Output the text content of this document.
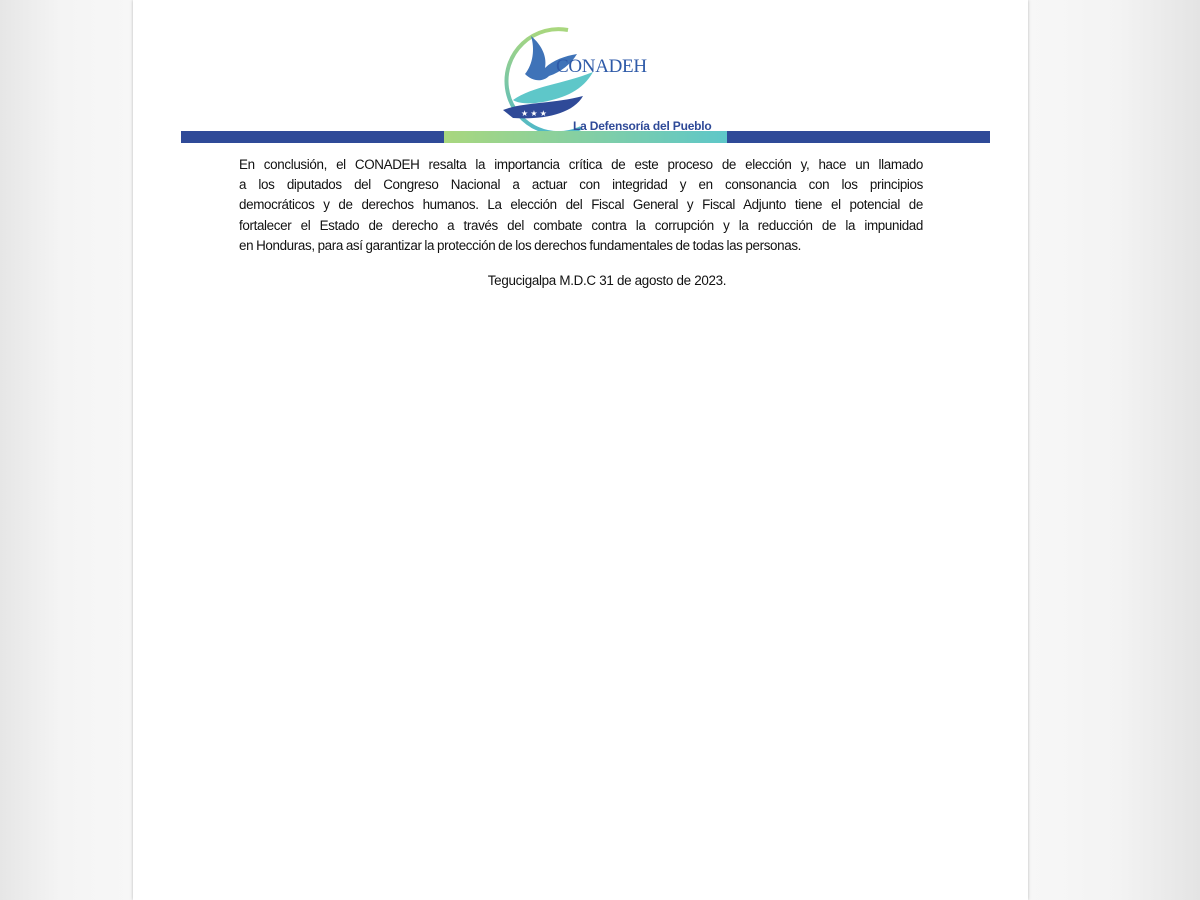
★ ★ ★
CONADEH
La Defensoría del Pueblo
En conclusión, el CONADEH resalta la importancia crítica de este proceso de elección y, hace un llamado
a los diputados del Congreso Nacional a actuar con integridad y en consonancia con los principios
democráticos y de derechos humanos. La elección del Fiscal General y Fiscal Adjunto tiene el potencial de
fortalecer el Estado de derecho a través del combate contra la corrupción y la reducción de la impunidad
en Honduras, para así garantizar la protección de los derechos fundamentales de todas las personas.
Tegucigalpa M.D.C 31 de agosto de 2023.
